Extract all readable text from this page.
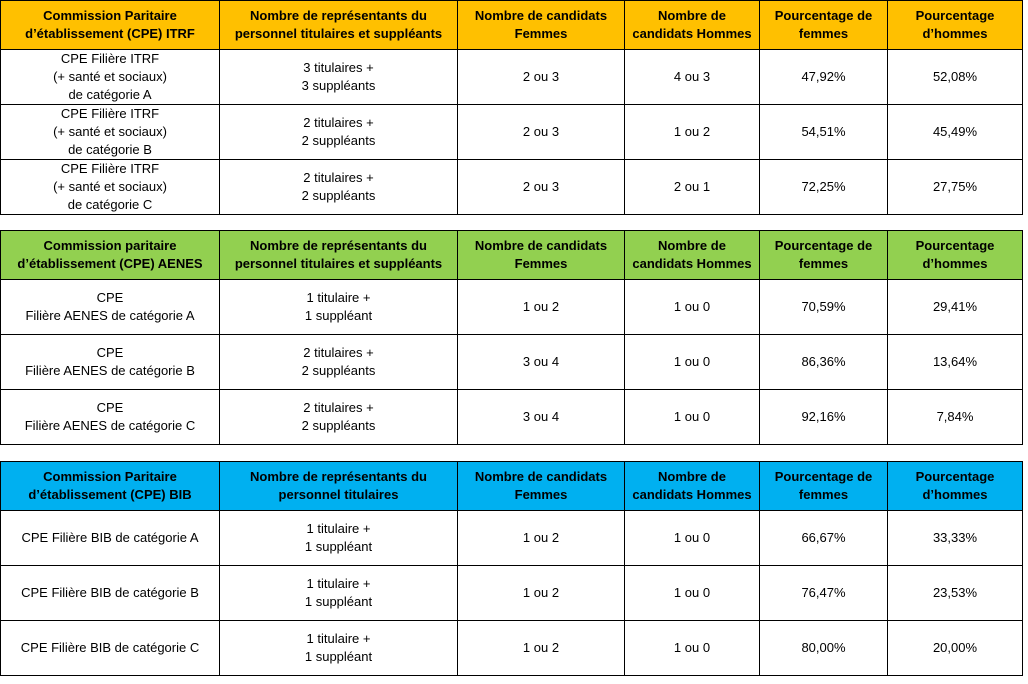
Commission Paritaire
d’établissement (CPE) ITRF	Nombre de représentants du
personnel titulaires et suppléants	Nombre de candidats
Femmes	Nombre de
candidats Hommes	Pourcentage de
femmes	Pourcentage
d’hommes
CPE Filière ITRF
(+ santé et sociaux)
de catégorie A	3 titulaires +
3 suppléants	2 ou 3	4 ou 3	47,92%	52,08%
CPE Filière ITRF
(+ santé et sociaux)
de catégorie B	2 titulaires +
2 suppléants	2 ou 3	1 ou 2	54,51%	45,49%
CPE Filière ITRF
(+ santé et sociaux)
de catégorie C	2 titulaires +
2 suppléants	2 ou 3	2 ou 1	72,25%	27,75%
Commission paritaire
d’établissement (CPE) AENES	Nombre de représentants du
personnel titulaires et suppléants	Nombre de candidats
Femmes	Nombre de
candidats Hommes	Pourcentage de
femmes	Pourcentage
d’hommes
CPE
Filière AENES de catégorie A	1 titulaire +
1 suppléant	1 ou 2	1 ou 0	70,59%	29,41%
CPE
Filière AENES de catégorie B	2 titulaires +
2 suppléants	3 ou 4	1 ou 0	86,36%	13,64%
CPE
Filière AENES de catégorie C	2 titulaires +
2 suppléants	3 ou 4	1 ou 0	92,16%	7,84%
Commission Paritaire
d’établissement (CPE) BIB	Nombre de représentants du
personnel titulaires	Nombre de candidats
Femmes	Nombre de
candidats Hommes	Pourcentage de
femmes	Pourcentage
d’hommes
CPE Filière BIB de catégorie A	1 titulaire +
1 suppléant	1 ou 2	1 ou 0	66,67%	33,33%
CPE Filière BIB de catégorie B	1 titulaire +
1 suppléant	1 ou 2	1 ou 0	76,47%	23,53%
CPE Filière BIB de catégorie C	1 titulaire +
1 suppléant	1 ou 2	1 ou 0	80,00%	20,00%
